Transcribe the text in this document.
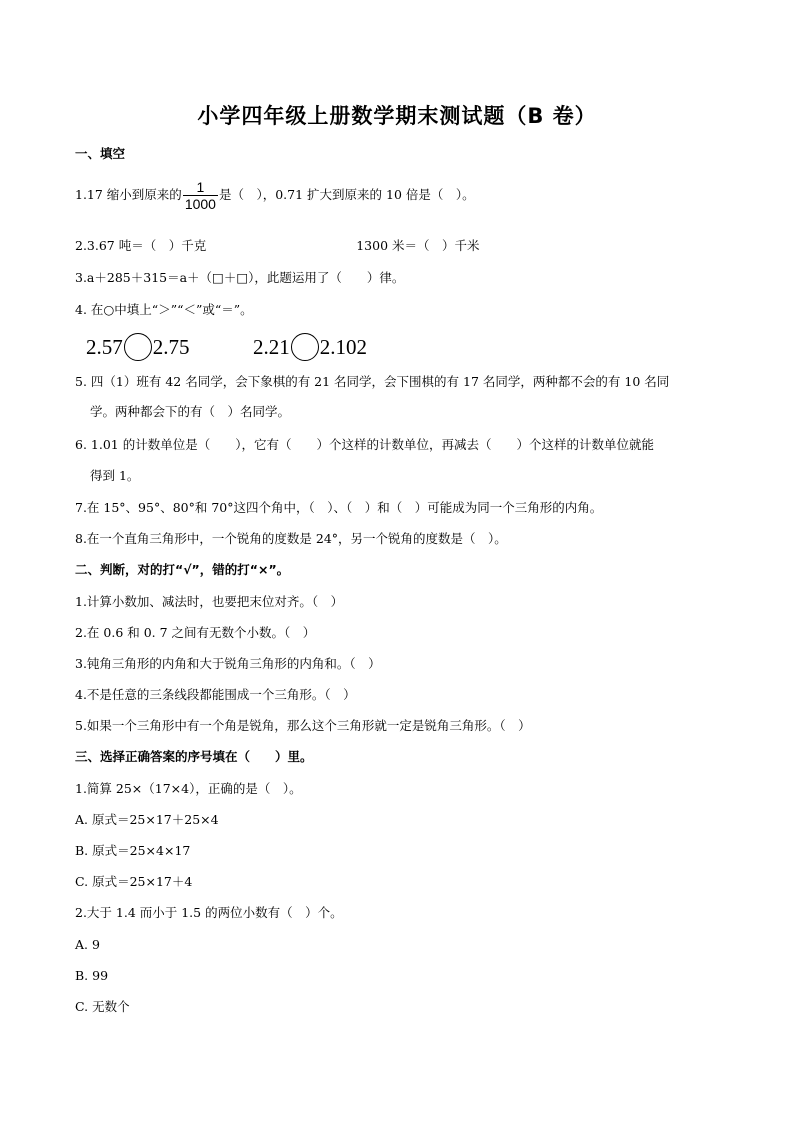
小学四年级上册数学期末测试题（B 卷）
一、填空
1.17 缩小到原来的 $\frac{1}{1000}$ 是（　），0.71 扩大到原来的 10 倍是（　）。
2.3.67 吨＝（　）千克	1300 米＝（　）千米
3.a＋285＋315＝a＋（□＋□），此题运用了（　　）律。
4. 在○中填上“＞”“＜”或“＝”。
2.57 2.75	2.21 2.102
5. 四（1）班有 42 名同学，会下象棋的有 21 名同学，会下围棋的有 17 名同学，两种都不会的有 10 名同
学。两种都会下的有（　）名同学。
6. 1.01 的计数单位是（　　），它有（　　）个这样的计数单位，再减去（　　）个这样的计数单位就能
得到 1。
7.在 15°、95°、80°和 70°这四个角中，（　）、（　）和（　）可能成为同一个三角形的内角。
8.在一个直角三角形中，一个锐角的度数是 24°，另一个锐角的度数是（　）。
二、判断，对的打“√”，错的打“×”。
1.计算小数加、减法时，也要把末位对齐。（　）
2.在 0.6 和 0. 7 之间有无数个小数。（　）
3.钝角三角形的内角和大于锐角三角形的内角和。（　）
4.不是任意的三条线段都能围成一个三角形。（　）
5.如果一个三角形中有一个角是锐角，那么这个三角形就一定是锐角三角形。（　）
三、选择正确答案的序号填在（　　）里。
1.简算 25×（17×4），正确的是（　）。
A. 原式＝25×17＋25×4
B. 原式＝25×4×17
C. 原式＝25×17＋4
2.大于 1.4 而小于 1.5 的两位小数有（　）个。
A. 9
B. 99
C. 无数个
